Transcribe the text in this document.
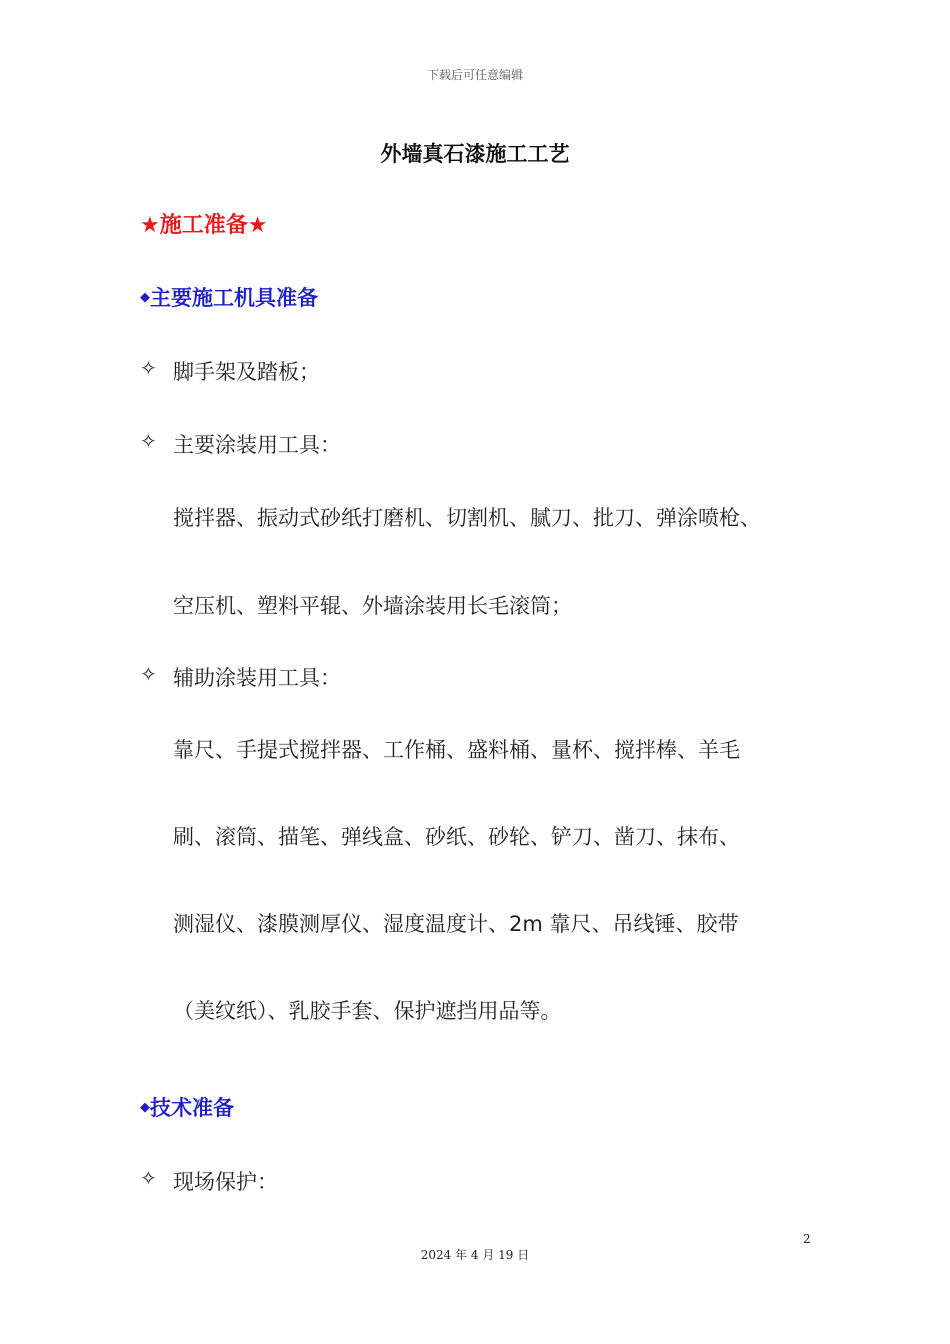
下载后可任意编辑
外墙真石漆施工工艺
★施工准备★
◆主要施工机具准备
✧ 脚手架及踏板；
✧ 主要涂装用工具：
搅拌器、振动式砂纸打磨机、切割机、腻刀、批刀、弹涂喷枪、
空压机、塑料平辊、外墙涂装用长毛滚筒；
✧ 辅助涂装用工具：
靠尺、手提式搅拌器、工作桶、盛料桶、量杯、搅拌棒、羊毛
刷、滚筒、描笔、弹线盒、砂纸、砂轮、铲刀、凿刀、抹布、
测湿仪、漆膜测厚仪、湿度温度计、2m 靠尺、吊线锤、胶带
（美纹纸）、乳胶手套、保护遮挡用品等。
◆技术准备
✧ 现场保护：
2
2024 年 4 月 19 日
